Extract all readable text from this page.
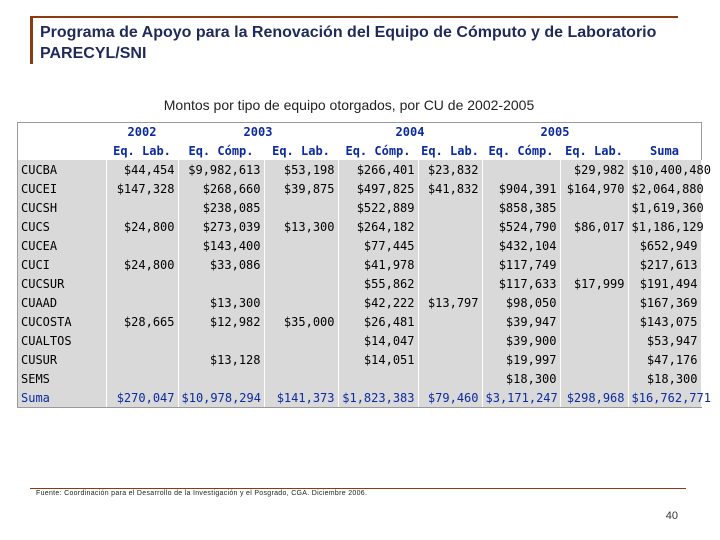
Programa de Apoyo para la Renovación del Equipo de Cómputo y de Laboratorio PARECYL/SNI
Montos por tipo de equipo otorgados, por CU de 2002-2005
	2002	2003		2004		2005		
	Eq. Lab.	Eq. Cómp.	Eq. Lab.	Eq. Cómp.	Eq. Lab.	Eq. Cómp.	Eq. Lab.	Suma
CUCBA	$44,454	$9,982,613	$53,198	$266,401	$23,832		$29,982	$10,400,480
CUCEI	$147,328	$268,660	$39,875	$497,825	$41,832	$904,391	$164,970	$2,064,880
CUCSH		$238,085		$522,889		$858,385		$1,619,360
CUCS	$24,800	$273,039	$13,300	$264,182		$524,790	$86,017	$1,186,129
CUCEA		$143,400		$77,445		$432,104		$652,949
CUCI	$24,800	$33,086		$41,978		$117,749		$217,613
CUCSUR				$55,862		$117,633	$17,999	$191,494
CUAAD		$13,300		$42,222	$13,797	$98,050		$167,369
CUCOSTA	$28,665	$12,982	$35,000	$26,481		$39,947		$143,075
CUALTOS				$14,047		$39,900		$53,947
CUSUR		$13,128		$14,051		$19,997		$47,176
SEMS						$18,300		$18,300
Suma	$270,047	$10,978,294	$141,373	$1,823,383	$79,460	$3,171,247	$298,968	$16,762,771
Fuente: Coordinación para el Desarrollo de la Investigación y el Posgrado, CGA. Diciembre 2006.
40
